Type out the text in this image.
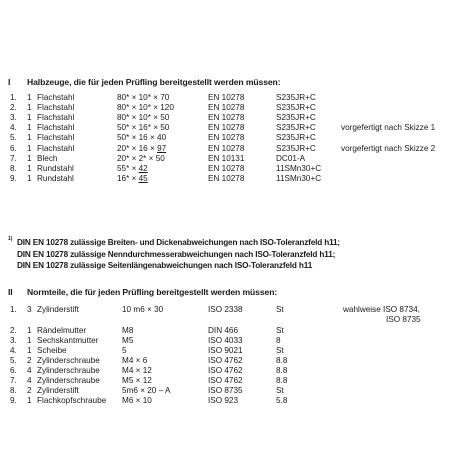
I Halbzeuge, die für jeden Prüfling bereitgestellt werden müssen:
1. 1 Flachstahl	80* × 10* × 70	EN 10278	S235JR+C
2. 1 Flachstahl	80* × 10* × 120	EN 10278	S235JR+C
3. 1 Flachstahl	80* × 10* × 50	EN 10278	S235JR+C
4. 1 Flachstahl	50* × 16* × 50	EN 10278	S235JR+C	vorgefertigt nach Skizze 1
5. 1 Flachstahl	50* × 16 × 40	EN 10278	S235JR+C
6. 1 Flachstahl	20* × 16 × 97	EN 10278	S235JR+C	vorgefertigt nach Skizze 2
7. 1 Blech	20* × 2* × 50	EN 10131	DC01-A
8. 1 Rundstahl	55* × 42	EN 10278	11SMn30+C
9. 1 Rundstahl	16* × 45	EN 10278	11SMn30+C
1) DIN EN 10278 zulässige Breiten- und Dickenabweichungen nach ISO-Toleranzfeld h11;
DIN EN 10278 zulässige Nenndurchmesserabweichungen nach ISO-Toleranzfeld h11;
DIN EN 10278 zulässige Seitenlängenabweichungen nach ISO-Toleranzfeld h11
II Normteile, die für jeden Prüfling bereitgestellt werden müssen:
1. 3 Zylinderstift	10 m6 × 30	ISO 2338	St	wahlweise ISO 8734,
ISO 8735
2. 1 Rändelmutter	M8	DIN 466	St
3. 1 Sechskantmutter	M5	ISO 4033	8
4. 1 Scheibe	5	ISO 9021	St
5. 2 Zylinderschraube	M4 × 6	ISO 4762	8.8
6. 4 Zylinderschraube	M4 × 12	ISO 4762	8.8
7. 4 Zylinderschraube	M5 × 12	ISO 4762	8.8
8. 2 Zylinderstift	5m6 × 20 – A	ISO 8735	St
9. 1 Flachkopfschraube M6 × 10	ISO 923	5.8
